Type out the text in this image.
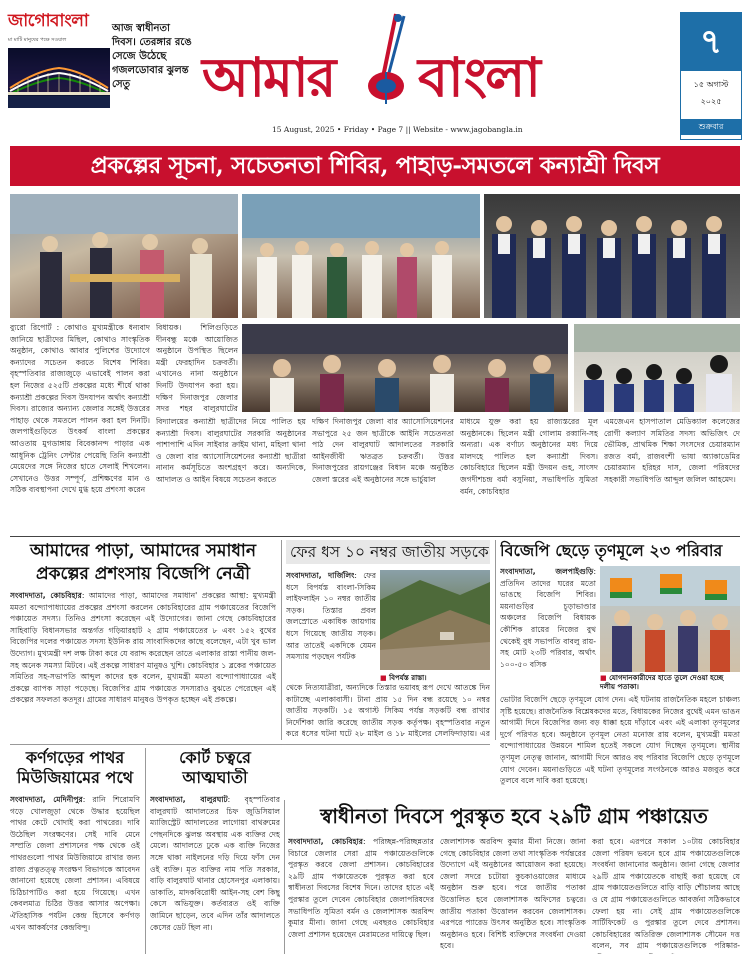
জাগোবাংলা
মা মাটি মানুষের পক্ষে সওয়াল
আজ স্বাধীনতা দিবস। তেরঙ্গার রঙে সেজে উঠেছে গজলডোবার ঝুলন্ত সেতু	আমার বাংলা
15 August, 2025 • Friday • Page 7 || Website - www.jagobangla.in
৭
১৫ অগাস্ট
২০২৫
শুক্রবার
প্রকল্পের সূচনা, সচেতনতা শিবির, পাহাড়-সমতলে কন্যাশ্রী দিবস
ব্যুরো রিপোর্ট : কোথাও মুখ্যমন্ত্রীকে ধন্যবাদ জানিয়ে ছাত্রীদের মিছিল, কোথাও সাংস্কৃতিক অনুষ্ঠান, কোথাও আবার পুলিশের উদ্যোগে কন্যাদের সচেতন করতে বিশেষ শিবির। বৃহস্পতিবার রাজ্যজুড়ে এভাবেই পালন করা হল নিজের ৫২৫টি প্রকল্পের মধ্যে শীর্ষে থাকা কন্যাশ্রী প্রকল্পের দিবস উদযাপন অর্থাৎ কন্যাশ্রী দিবস। রাজ্যের অন্যান্য জেলার সঙ্গেই উত্তরের পাহাড় থেকে সমতলে পালন করা হল দিনটি। জলপাইগুড়িতে উৎকর্ষ বাংলা প্রকল্পের আওতায় মুগডাঙ্গায় বিবেকানন্দ পাড়ার এক আধুনিক ট্রেনিং সেন্টার পেয়েছি তিনি কন্যাশ্রী মেয়েদের সঙ্গে নিজের হাতে সেলাই শিখলেন। সেখানেও উত্তর সম্পূর্ণ, প্রশিক্ষণের মান ও সঠিক ব্যবস্থাপনা দেখে মুগ্ধ হয়ে প্রশংসা করেন
বিধায়ক। শিলিগুড়িতে দীনবন্ধু মঞ্চে আয়োজিত অনুষ্ঠানে উপস্থিত ছিলেন মন্ত্রী ফেরহাদিন চক্রবর্তী। এখানেও নানা অনুষ্ঠানে দিনটি উদযাপন করা হয়। দক্ষিণ দিনাজপুর জেলার সদর শহর বালুরঘাটের
বিদ্যালয়ের কন্যাশ্রী ছাত্রীদের নিয়ে পালিত হয় কন্যাশ্রী দিবস। বালুরঘাটের সরকারি অনুষ্ঠানের পাশাপাশি এদিন সাইবার ক্রাইম থানা, মহিলা থানা ও জেলা বার অ্যাসোসিয়েশনের কন্যাশ্রী ছাত্রীরা নানান কর্মসূচিতে অংশগ্রহণ করে। অন্যদিকে, আদালত ও আইন বিষয়ে সচেতন করতে
দক্ষিণ দিনাজপুর জেলা বার অ্যাসোসিয়েশনের সভাপুরে ২৫ জন ছাত্রীকে আইনি সচেতনতা পাঠ দেন বালুরঘাট আদালতের সরকারি আইনজীবী ঋতব্রত চক্রবর্তী। উত্তর দিনাজপুরের রায়গঞ্জের বিধান মঞ্চে অনুষ্ঠিত জেলা স্তরের এই অনুষ্ঠানের সঙ্গে ভার্চুয়াল
মাধ্যমে যুক্ত করা হয় রাজ্যস্তরের মূল অনুষ্ঠানকে। ছিলেন মন্ত্রী গোলাম রব্বানি-সহ অন্যরা। এক বর্ণাঢ্য অনুষ্ঠানের মধ্য দিয়ে মালদহে পালিত হল কন্যাশ্রী দিবস। কোচবিহারে ছিলেন মন্ত্রী উদয়ন গুহ, সাংসদ জগদীশচন্দ্র বর্মা বসুনিয়া, সভাধিপতি সুমিতা বর্মন, কোচবিহার
এমজেএন হাসপাতাল মেডিক্যাল কলেজের রোগী কল্যাণ সমিতির সদস্য অভিজিৎ দে ভৌমিক, প্রাথমিক শিক্ষা সংসদের চেয়ারম্যান রজত বর্মা, রাজবংশী ভাষা অ্যাকাডেমির চেয়ারম্যান হরিহর দাস, জেলা পরিষদের সহকারী সভাধিপতি আব্দুল জলিল আহমেদ।
আমাদের পাড়া, আমাদের সমাধান
প্রকল্পের প্রশংসায় বিজেপি নেত্রী
সংবাদদাতা, কোচবিহার: আমাদের পাড়া, আমাদের সমাধান' প্রকল্পের আস্থা: মুখ্যমন্ত্রী মমতা বন্দ্যোপাধ্যায়ের প্রকল্পের প্রশংসা করলেন কোচবিহারের গ্রাম পঞ্চায়েতের বিজেপি পঞ্চায়েত সদস্য। তিনিও প্রশংসা করেছেন এই উদ্যোগের। জানা গেছে কোচবিহারের সাহিবাড়ি বিধানসভার অন্তর্গত গড়িয়ারহাট ২ গ্রাম পঞ্চায়েতের ৮ এবং ১৫২ বুথের বিজেপির দলের পঞ্চায়েত সদস্য ইউনিক রায় সাংবাদিকদের কাছে বলেছেন, এটা খুব ভাল উদ্যোগ। মুখ্যমন্ত্রী দশ লক্ষ টাকা করে যে বরাদ্দ করেছেন তাতে এলাকার রাস্তা পানীয় জল-সহ অনেক সমস্যা মিটবে। এই প্রকল্পে সাধারণ মানুষও খুশি। কোচবিহার ১ ব্লকের পঞ্চায়েত সমিতির সহ-সভাপতি আব্দুল কাদের হক বলেন, মুখ্যমন্ত্রী মমতা বন্দ্যোপাধ্যায়ের এই প্রকল্পে ব্যাপক সাড়া পড়েছে। বিজেপির গ্রাম পঞ্চায়েত সদস্যরাও বুঝতে পেরেছেন এই প্রকল্পের সফলতা কতদূর। গ্রামের সাধারণ মানুষও উপকৃত হচ্ছেন এই প্রকল্পে।
ফের ধস ১০ নম্বর জাতীয় সড়কে
সংবাদদাতা, দার্জিলিং: ফের ধসে বিপর্যস্ত বাংলা-সিকিম লাইফলাইন ১০ নম্বর জাতীয় সড়ক। তিস্তার প্রবল জলস্রোতে একাধিক জায়গায় ধসে গিয়েছে জাতীয় সড়ক। আর তাতেই একদিকে যেমন সমস্যায় পড়ছেন পর্যটক
■ বিপর্যস্ত রাস্তা।
থেকে নিত্যযাত্রীরা, অন্যদিকে তিস্তার ভয়াবহ রূপ দেখে আতঙ্কে দিন কাটাচ্ছে এলাকাবাসী। টানা প্রায় ১৫ দিন বন্ধ রয়েছে ১০ নম্বর জাতীয় সড়কটি। ১৫ অগাস্ট সিকিম পর্যন্ত সড়কটি বন্ধ রাখার নির্দেশিকা জারি করেছে জাতীয় সড়ক কর্তৃপক্ষ। বৃহস্পতিবার নতুন করে ধসের ঘটনা ঘটে ২৮ মাইল ও ১৮ মাইলের সেলফিদাড়ায়। এর
বিজেপি ছেড়ে তৃণমূলে ২৩ পরিবার
সংবাদদাতা, জলপাইগুড়ি: প্রতিদিন তাদের ঘরের মতো ভাঙছে বিজেপি শিবির। ময়নাগুড়ির চূড়াভাণ্ডার অঞ্চলের বিজেপি বিধায়ক কৌশিক রায়ের নিজের বুথ থেকেই বুধ সভাপতি বাবলু রায়-সহ মোট ২৩টি পরিবার, অর্থাৎ ১০০-৫০ বসিক
■ যোগদানকারীদের হাতে তুলে দেওয়া হচ্ছে দলীয় পতাকা।
ভোটার বিজেপি ছেড়ে তৃণমূলে যোগ দেন। এই ঘটনায় রাজনৈতিক মহলে চাঞ্চল্য সৃষ্টি হয়েছে। রাজনৈতিক বিশ্লেষকদের মতে, বিধায়কের নিজের বুথেই এমন ভাঙন আগামী দিনে বিজেপির জন্য বড় ধাক্কা হয়ে দাঁড়াবে এবং এই এলাকা তৃণমূলের দুর্গে পরিণত হবে। অনুষ্ঠানে তৃণমূল নেতা মনোজ রায় বলেন, মুখ্যমন্ত্রী মমতা বন্দ্যোপাধ্যায়ের উন্নয়নে শামিল হতেই সকলে যোগ দিচ্ছেন তৃণমূলে। স্থানীয় তৃণমূল নেতৃত্ব জানান, আগামী দিনে আরও বহু পরিবার বিজেপি ছেড়ে তৃণমূলে যোগ দেবেন। ময়নাগুড়িতে এই ঘটনা তৃণমূলের সংগঠনকে আরও মজবুত করে তুলবে বলে দাবি করা হয়েছে।
কর্ণগড়ের পাথর
মিউজিয়ামের পথে
সংবাদদাতা, মেদিনীপুর: রানি শিরোমণি গড়ে খোলজুড়া থেকে উদ্ধার হয়েছিল পাথর কেটে খোদাই করা পাথরের। দাবি উঠেছিল সংরক্ষণের। সেই দাবি মেনে সম্প্রতি জেলা প্রশাসনের পক্ষ থেকে ওই পাথরগুলো পাথর মিউজিয়ামে রাখার জন্য রাজ্য প্রত্নতত্ত্ব সংরক্ষণ বিভাগকে আবেদন জানানো হয়েছে জেলা প্রশাসন। এবিষয়ে চিঠিচাপাটিও করা হয়ে গিয়েছে। এখন কেবলমাত্র চিঠির উত্তর আসার অপেক্ষা। ঐতিহাসিক পর্যটন কেন্দ্র হিসেবে কর্ণগড় এখন আকর্ষণের কেন্দ্রবিন্দু।
কোর্ট চত্বরে
আত্মঘাতী
সংবাদদাতা, বালুরঘাট: বৃহস্পতিবার বালুরঘাট আদালতের চিফ জুডিসিয়াল ম্যাজিস্ট্রেট আদালতের লাগোয়া বাথরুমের পেছনদিকে ঝুলন্ত অবস্থায় এক ব্যক্তির দেহ মেলে। আদালতে ঢুকে এক ব্যক্তি নিজের সঙ্গে থাকা নাইলনের দড়ি দিয়ে ফাঁস দেন ওই ব্যক্তি। মৃত ব্যক্তির নাম পতি সরকার, বাড়ি বালুরঘাট থানার হোসেনপুর এলাকায়। ডাকাতি, মাদকবিরোধী আইন-সহ বেশ কিছু কেসে অভিযুক্ত। কর্তব্যরত ওই ব্যক্তি জামিনে ছাড়েন, তবে এদিন তাঁর আদালতে কেসের ডেট ছিল না।
স্বাধীনতা দিবসে পুরস্কৃত হবে ২৯টি গ্রাম পঞ্চায়েত
সংবাদদাতা, কোচবিহার: পরিচ্ছন্ন-পরিচ্ছন্নতার বিচারে জেলার সেরা গ্রাম পঞ্চায়েতগুলিকে পুরস্কৃত করবে জেলা প্রশাসন। কোচবিহারের ২৯টি গ্রাম পঞ্চায়েতকে পুরস্কৃত করা হবে স্বাধীনতা দিবসের বিশেষ দিনে। তাদের হাতে এই পুরস্কার তুলে দেবেন কোচবিহার জেলাপরিষদের সভাধিপতি সুমিতা বর্মন ও জেলাশাসক অরবিন্দ কুমার মীনা। জানা গেছে এবছরও কোচবিহার জেলা প্রশাসন হয়েছেন মেরামতের দায়িত্বে ছিল।
জেলাশাসক অরবিন্দ কুমার মীনা নিজে। জানা গেছে কোচবিহার জেলা তথা সাংস্কৃতিক পর্যন্তরের উদ্যোগে এই অনুষ্ঠানের আয়োজন করা হয়েছে। জেলা সদরে চটোয়া কুচকাওয়াজের মাধ্যমে অনুষ্ঠান শুরু হবে। পরে জাতীয় পতাকা উত্তোলিত হবে জেলাশাসক অফিসের চত্বরে। জাতীয় পতাকা উত্তোলন করবেন জেলাশাসক। এরপরে প্যারেড উৎসব অনুষ্ঠিত হবে। সাংস্কৃতিক অনুষ্ঠানও হবে। বিশিষ্ট ব্যক্তিদের সংবর্ধনা দেওয়া হবে।
করা হবে। এরপরে সকাল ১০টায় কোচবিহার জেলা পরিষদ ভবনে হবে গ্রাম পঞ্চায়েতগুলিকে সংবর্ধনা জানানোর অনুষ্ঠান। জানা গেছে জেলার ২৯টি গ্রাম পঞ্চায়েতকে বাছাই করা হয়েছে যে গ্রাম পঞ্চায়েতগুলিতে বাড়ি বাড়ি শৌচালয় আছে ও যে গ্রাম পঞ্চায়েতগুলিতে আবর্জনা সঠিকভাবে ফেলা হয় না। সেই গ্রাম পঞ্চায়েতগুলিকে সার্টিফিকেট ও পুরস্কার তুলে দেবে প্রশাসন। কোচবিহারের অতিরিক্ত জেলাশাসক সৌমেন দত্ত বলেন, সব গ্রাম পঞ্চায়েতগুলিকে পরিষ্কার-
